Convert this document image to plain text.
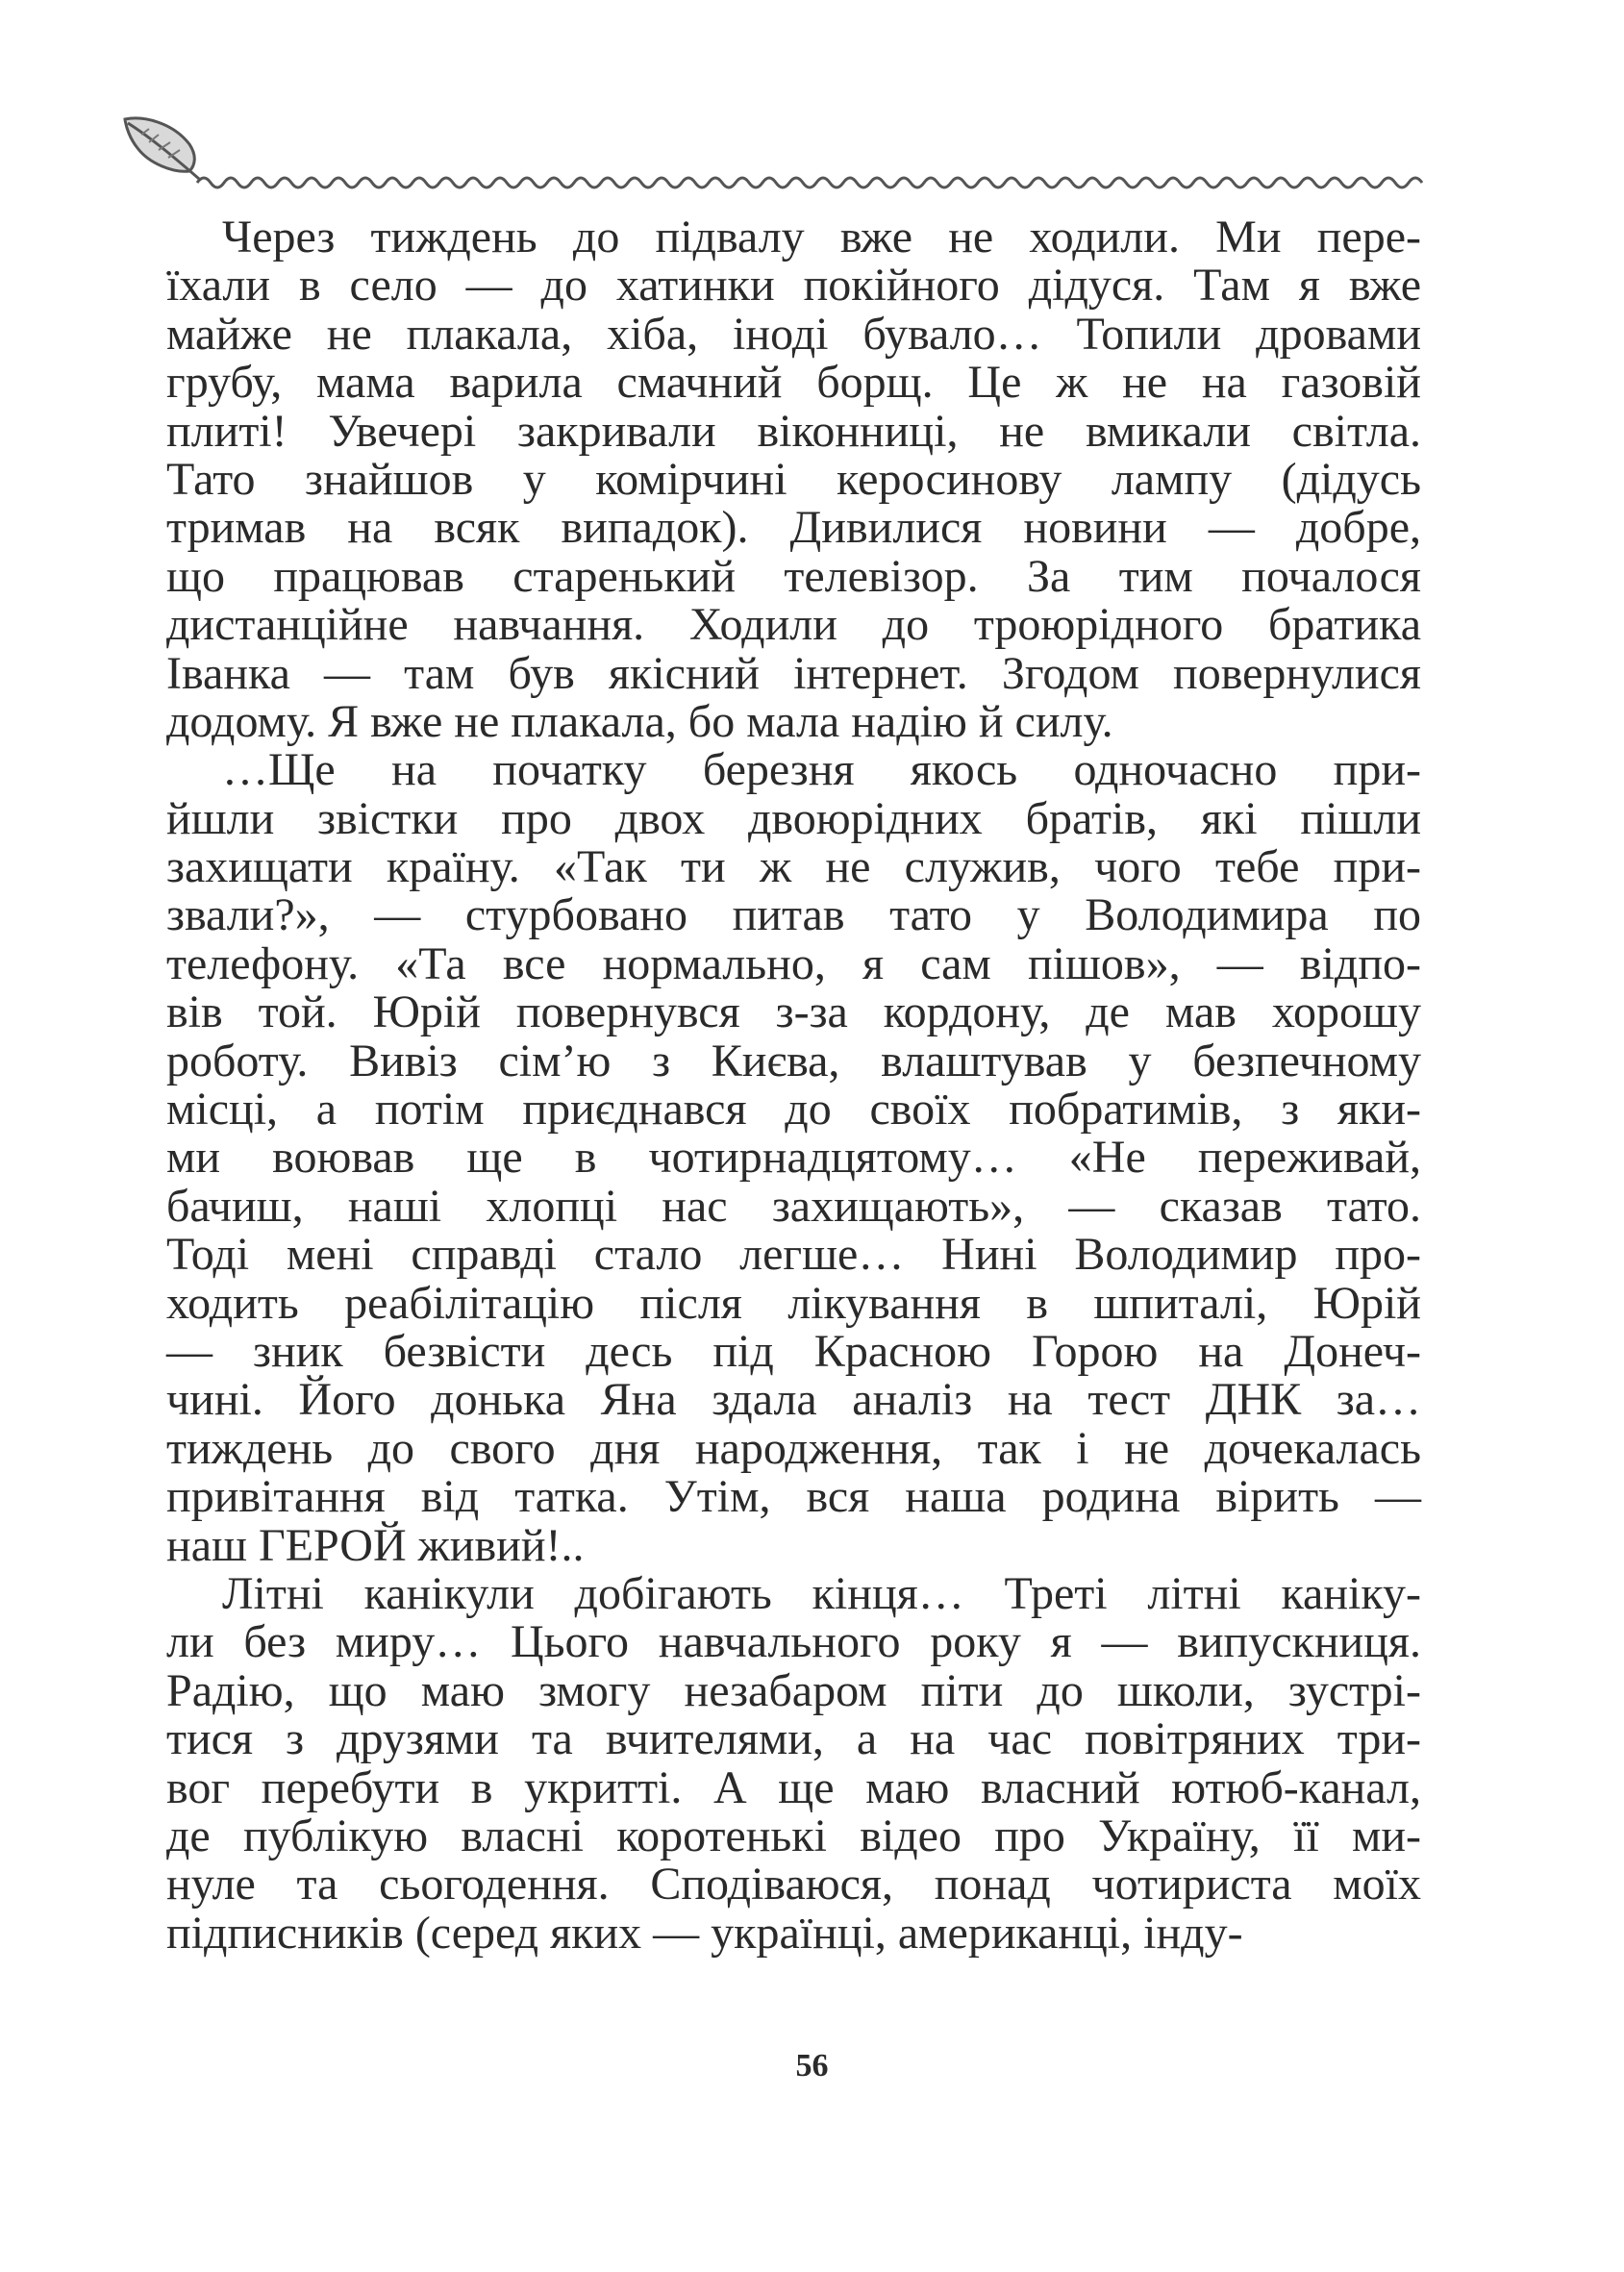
Через тиждень до підвалу вже не ходили. Ми пере-
їхали в село — до хатинки покійного дідуся. Там я вже
майже не плакала, хіба, іноді бувало… Топили дровами
грубу, мама варила смачний борщ. Це ж не на газовій
плиті! Увечері закривали віконниці, не вмикали світла.
Тато знайшов у комірчині керосинову лампу (дідусь
тримав на всяк випадок). Дивилися новини — добре,
що працював старенький телевізор. За тим почалося
дистанційне навчання. Ходили до троюрідного братика
Іванка — там був якісний інтернет. Згодом повернулися
додому. Я вже не плакала, бо мала надію й силу.
…Ще на початку березня якось одночасно при-
йшли звістки про двох двоюрідних братів, які пішли
захищати країну. «Так ти ж не служив, чого тебе при-
звали?», — стурбовано питав тато у Володимира по
телефону. «Та все нормально, я сам пішов», — відпо-
вів той. Юрій повернувся з-за кордону, де мав хорошу
роботу. Вивіз сім’ю з Києва, влаштував у безпечному
місці, а потім приєднався до своїх побратимів, з яки-
ми воював ще в чотирнадцятому… «Не переживай,
бачиш, наші хлопці нас захищають», — сказав тато.
Тоді мені справді стало легше… Нині Володимир про-
ходить реабілітацію після лікування в шпиталі, Юрій
— зник безвісти десь під Красною Горою на Донеч-
чині. Його донька Яна здала аналіз на тест ДНК за…
тиждень до свого дня народження, так і не дочекалась
привітання від татка. Утім, вся наша родина вірить —
наш ГЕРОЙ живий!..
Літні канікули добігають кінця… Треті літні каніку-
ли без миру… Цього навчального року я — випускниця.
Радію, що маю змогу незабаром піти до школи, зустрі-
тися з друзями та вчителями, а на час повітряних три-
вог перебути в укритті. А ще маю власний ютюб-канал,
де публікую власні коротенькі відео про Україну, її ми-
нуле та сьогодення. Сподіваюся, понад чотириста моїх
підписників (серед яких — українці, американці, інду-
56
